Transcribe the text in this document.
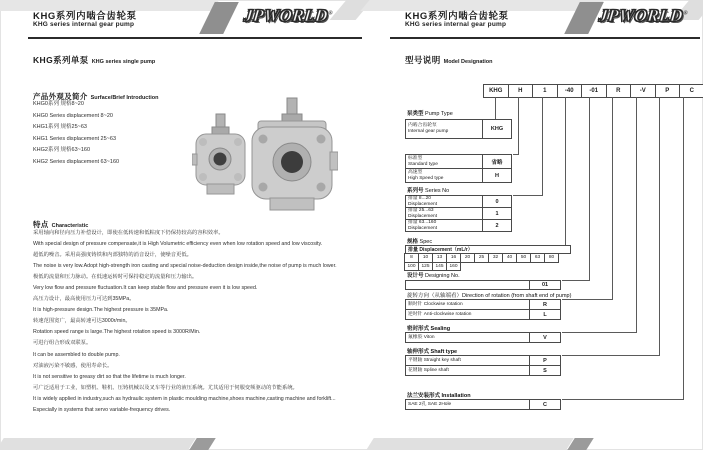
KHG系列内啮合齿轮泵
KHG series internal gear pump	JPWORLD®
KHG系列单泵 KHG series single pump
产品外观及简介 Surface/Brief Introduction
KHG0系列 规格8~20
KHG0 Series displacement 8~20
KHG1系列 规格25~63
KHG1 Series displacement 25~63
KHG2系列 规格63~160
KHG2 Series displacement 63~160
特点 Characteristic
采用轴向和径向压力补偿设计，即使在低转速和低粘度下仍保持较高的容积效率。
With special design of pressure compensate,it is High Volumetric efficiency even when low rotation speed and low viscosity.
超低的噪音。采用高强度铸铁和内部独特的消音设计，使噪音更低。
The noise is very low.Adopt high-strength iron casting and special noise-deduction design inside,the noise of pump is much lower.
极低的流量和压力脉动。在低速运转时可保持稳定的流量和压力输出。
Very low flow and pressure fluctuation.It can keep stable flow and pressure even it is low speed.
高压力设计，最高使用压力可达到35MPa。
It is high-pressure design.The highest pressure is 35MPa.
转速范围宽广，最高转速可达3000r/min。
Rotation speed range is large.The highest rotation speed is 3000R/Min.
可进行组合形成双联泵。
It can be assembled to double pump.
对油液污染不敏感，使用寿命长。
It is not sensitive to greasy dirt so that the lifetime is much longer.
可广泛适用于工业，如塑机、鞋机、压铸机械以及叉车等行业的液压系统。尤其适用于伺服变频驱动的节能系统。
It is widely applied in industry,such as hydraulic system in plastic moulding machine,shoes machine,casting machine and forklift...
Especially in systems that servo variable-frequency drives.
KHG系列内啮合齿轮泵
KHG series internal gear pump	JPWORLD®
型号说明 Model Designation
KHG	H	1	-40	-01	R	-V	P	C
泵类型 Pump Type
内啮合齿轮泵
Internal gear pump	KHG
标准型
Standard type	省略
高速型
High Speed type	H
系列号 Series No
排量 8...20
Displacement	0
排量 25...63
Displacement	1
排量 63...160
Displacement	2
规格 Spec
排量 Displacement（mL/r）
8	10	13	16	20	25	32	40	50	63	80
100	125	145	160
设计号 Designing No.
01
旋转方向（从轴端看）Direction of rotation (from shaft end of pump)
顺时针 Clockwise rotation	R
逆时针 Anti-clockwise rotation	L
密封形式 Sealing
氟橡胶 Viton	V
轴伸形式 Shaft type
平键轴 Straight key shaft	P
花键轴 Spline shaft	S
法兰安装形式 Installation
SAE 2孔 SAE 2Hole	C
